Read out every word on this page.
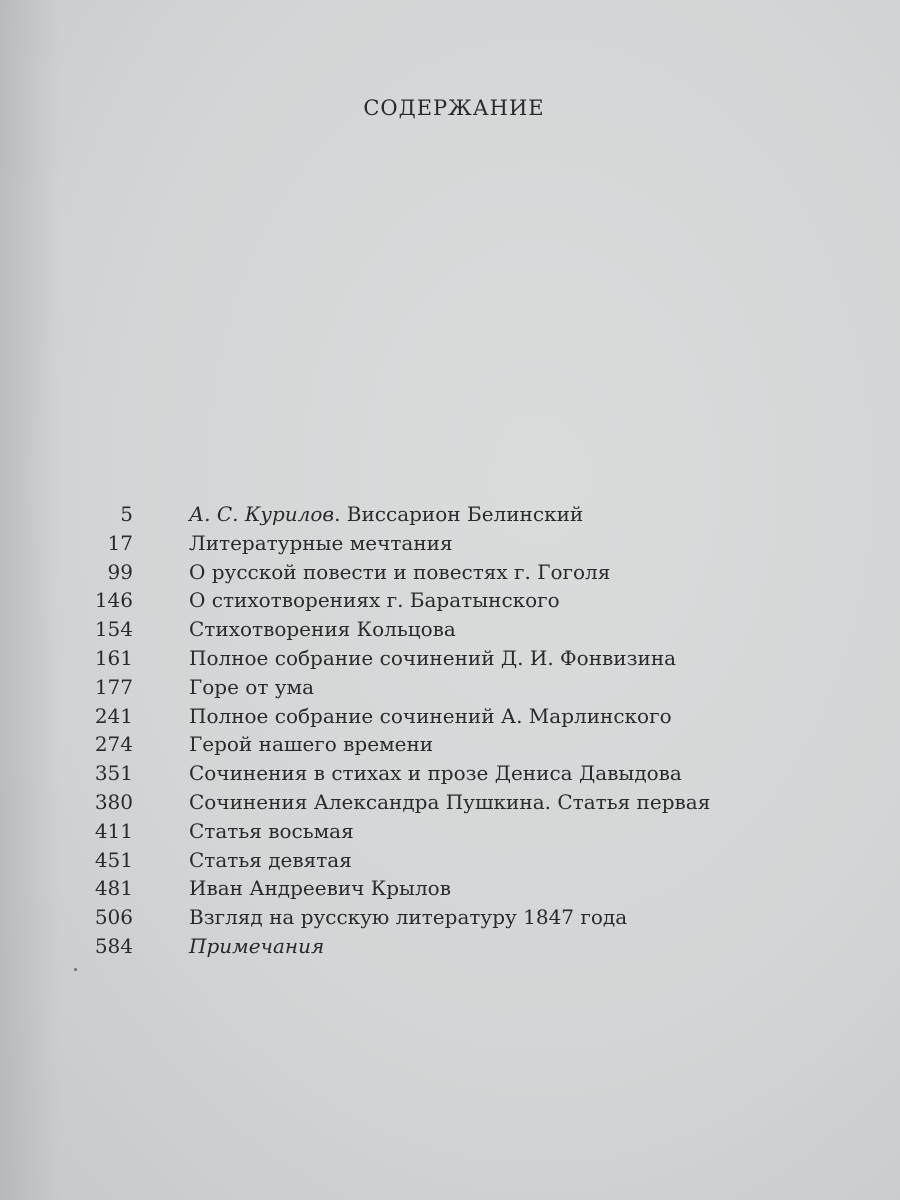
СОДЕРЖАНИЕ
5	А. С. Курилов. Виссарион Белинский
17	Литературные мечтания
99	О русской повести и повестях г. Гоголя
146	О стихотворениях г. Баратынского
154	Стихотворения Кольцова
161	Полное собрание сочинений Д. И. Фонвизина
177	Горе от ума
241	Полное собрание сочинений А. Марлинского
274	Герой нашего времени
351	Сочинения в стихах и прозе Дениса Давыдова
380	Сочинения Александра Пушкина. Статья первая
411	Статья восьмая
451	Статья девятая
481	Иван Андреевич Крылов
506	Взгляд на русскую литературу 1847 года
584	Примечания
